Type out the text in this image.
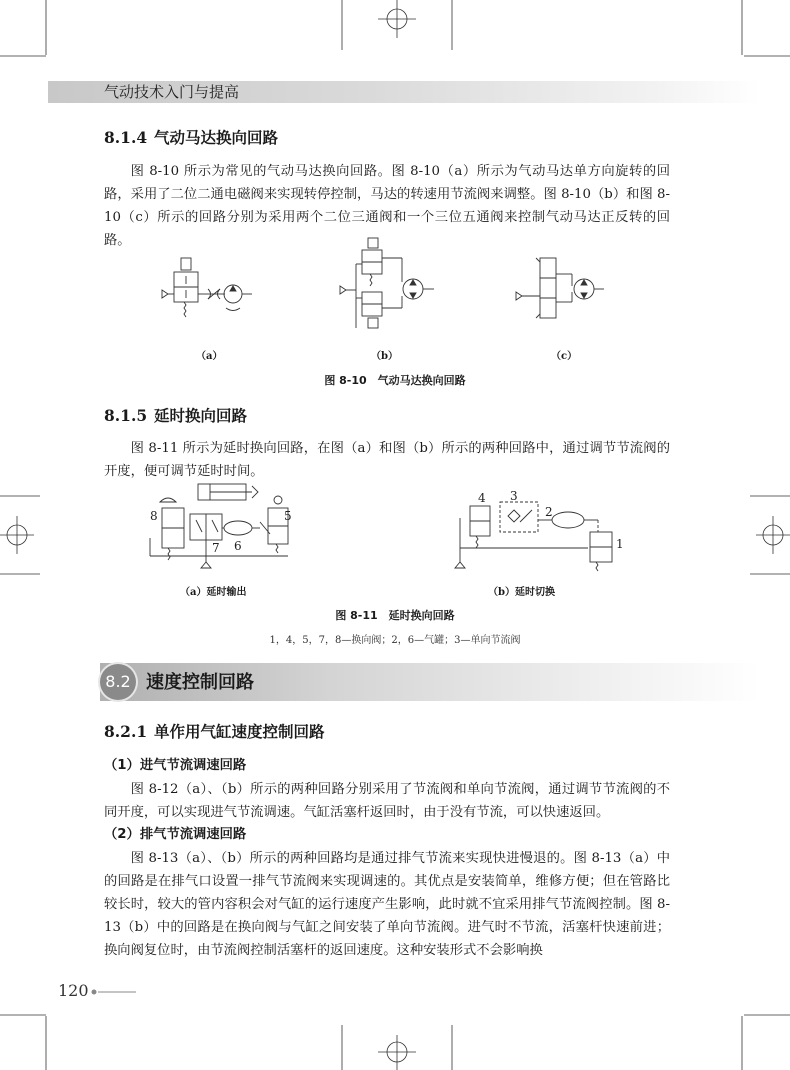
气动技术入门与提高
8.1.4 气动马达换向回路

图 8-10 所示为常见的气动马达换向回路。图 8-10（a）所示为气动马达单方向旋转的回路，采用了二位二通电磁阀来实现转停控制，马达的转速用节流阀来调整。图 8-10（b）和图 8-10（c）所示的回路分别为采用两个二位三通阀和一个三位五通阀来控制气动马达正反转的回路。

（a）	（b）	（c）
图 8-10　气动马达换向回路
8.1.5 延时换向回路

图 8-11 所示为延时换向回路，在图（a）和图（b）所示的两种回路中，通过调节节流阀的开度，便可调节延时时间。

8	5
7 6
4 3
2
1
（a）延时输出	（b）延时切换
图 8-11　延时换向回路
1，4，5，7，8—换向阀；2，6—气罐；3—单向节流阀
8.2 速度控制回路
8.2.1 单作用气缸速度控制回路
（1）进气节流调速回路

图 8-12（a）、（b）所示的两种回路分别采用了节流阀和单向节流阀，通过调节节流阀的不同开度，可以实现进气节流调速。气缸活塞杆返回时，由于没有节流，可以快速返回。

（2）排气节流调速回路

图 8-13（a）、（b）所示的两种回路均是通过排气节流来实现快进慢退的。图 8-13（a）中的回路是在排气口设置一排气节流阀来实现调速的。其优点是安装简单，维修方便；但在管路比较长时，较大的管内容积会对气缸的运行速度产生影响，此时就不宜采用排气节流阀控制。图 8-13（b）中的回路是在换向阀与气缸之间安装了单向节流阀。进气时不节流，活塞杆快速前进；换向阀复位时，由节流阀控制活塞杆的返回速度。这种安装形式不会影响换

120
